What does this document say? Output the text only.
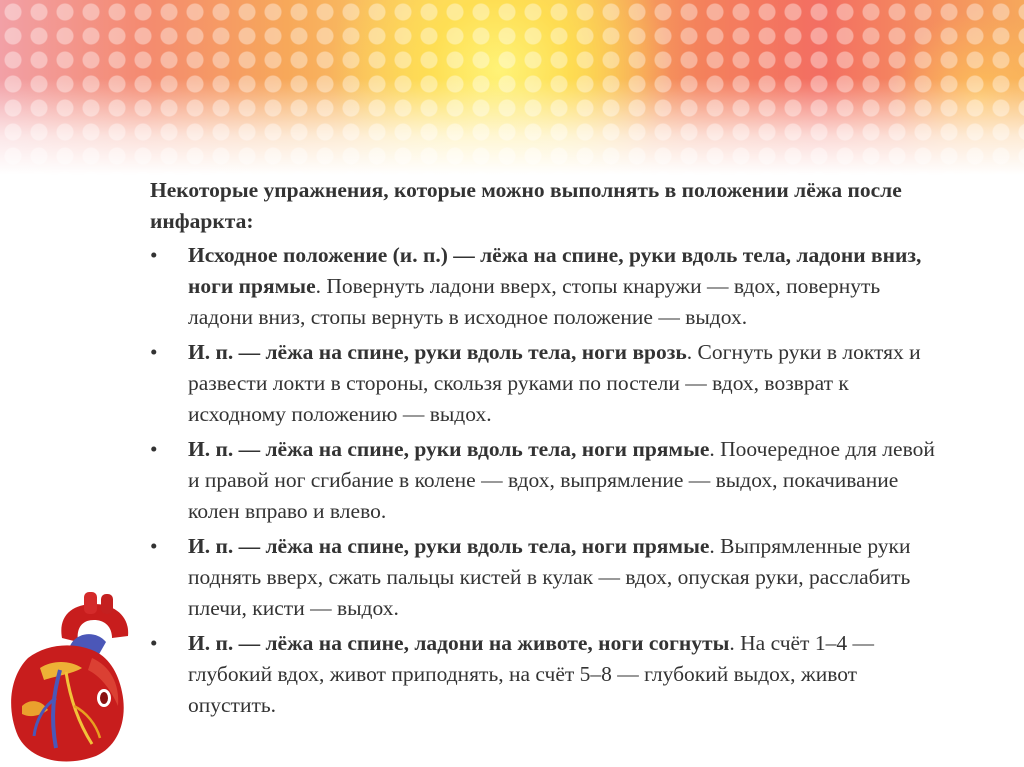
Некоторые упражнения, которые можно выполнять в положении лёжа после инфаркта:

• Исходное положение (и. п.) — лёжа на спине, руки вдоль тела, ладони вниз, ноги прямые. Повернуть ладони вверх, стопы кнаружи — вдох, повернуть ладони вниз, стопы вернуть в исходное положение — выдох.
• И. п. — лёжа на спине, руки вдоль тела, ноги врозь. Согнуть руки в локтях и развести локти в стороны, скользя руками по постели — вдох, возврат к исходному положению — выдох.
• И. п. — лёжа на спине, руки вдоль тела, ноги прямые. Поочередное для левой и правой ног сгибание в колене — вдох, выпрямление — выдох, покачивание колен вправо и влево.
• И. п. — лёжа на спине, руки вдоль тела, ноги прямые. Выпрямленные руки поднять вверх, сжать пальцы кистей в кулак — вдох, опуская руки, расслабить плечи, кисти — выдох.
• И. п. — лёжа на спине, ладони на животе, ноги согнуты. На счёт 1–4 — глубокий вдох, живот приподнять, на счёт 5–8 — глубокий выдох, живот опустить.
